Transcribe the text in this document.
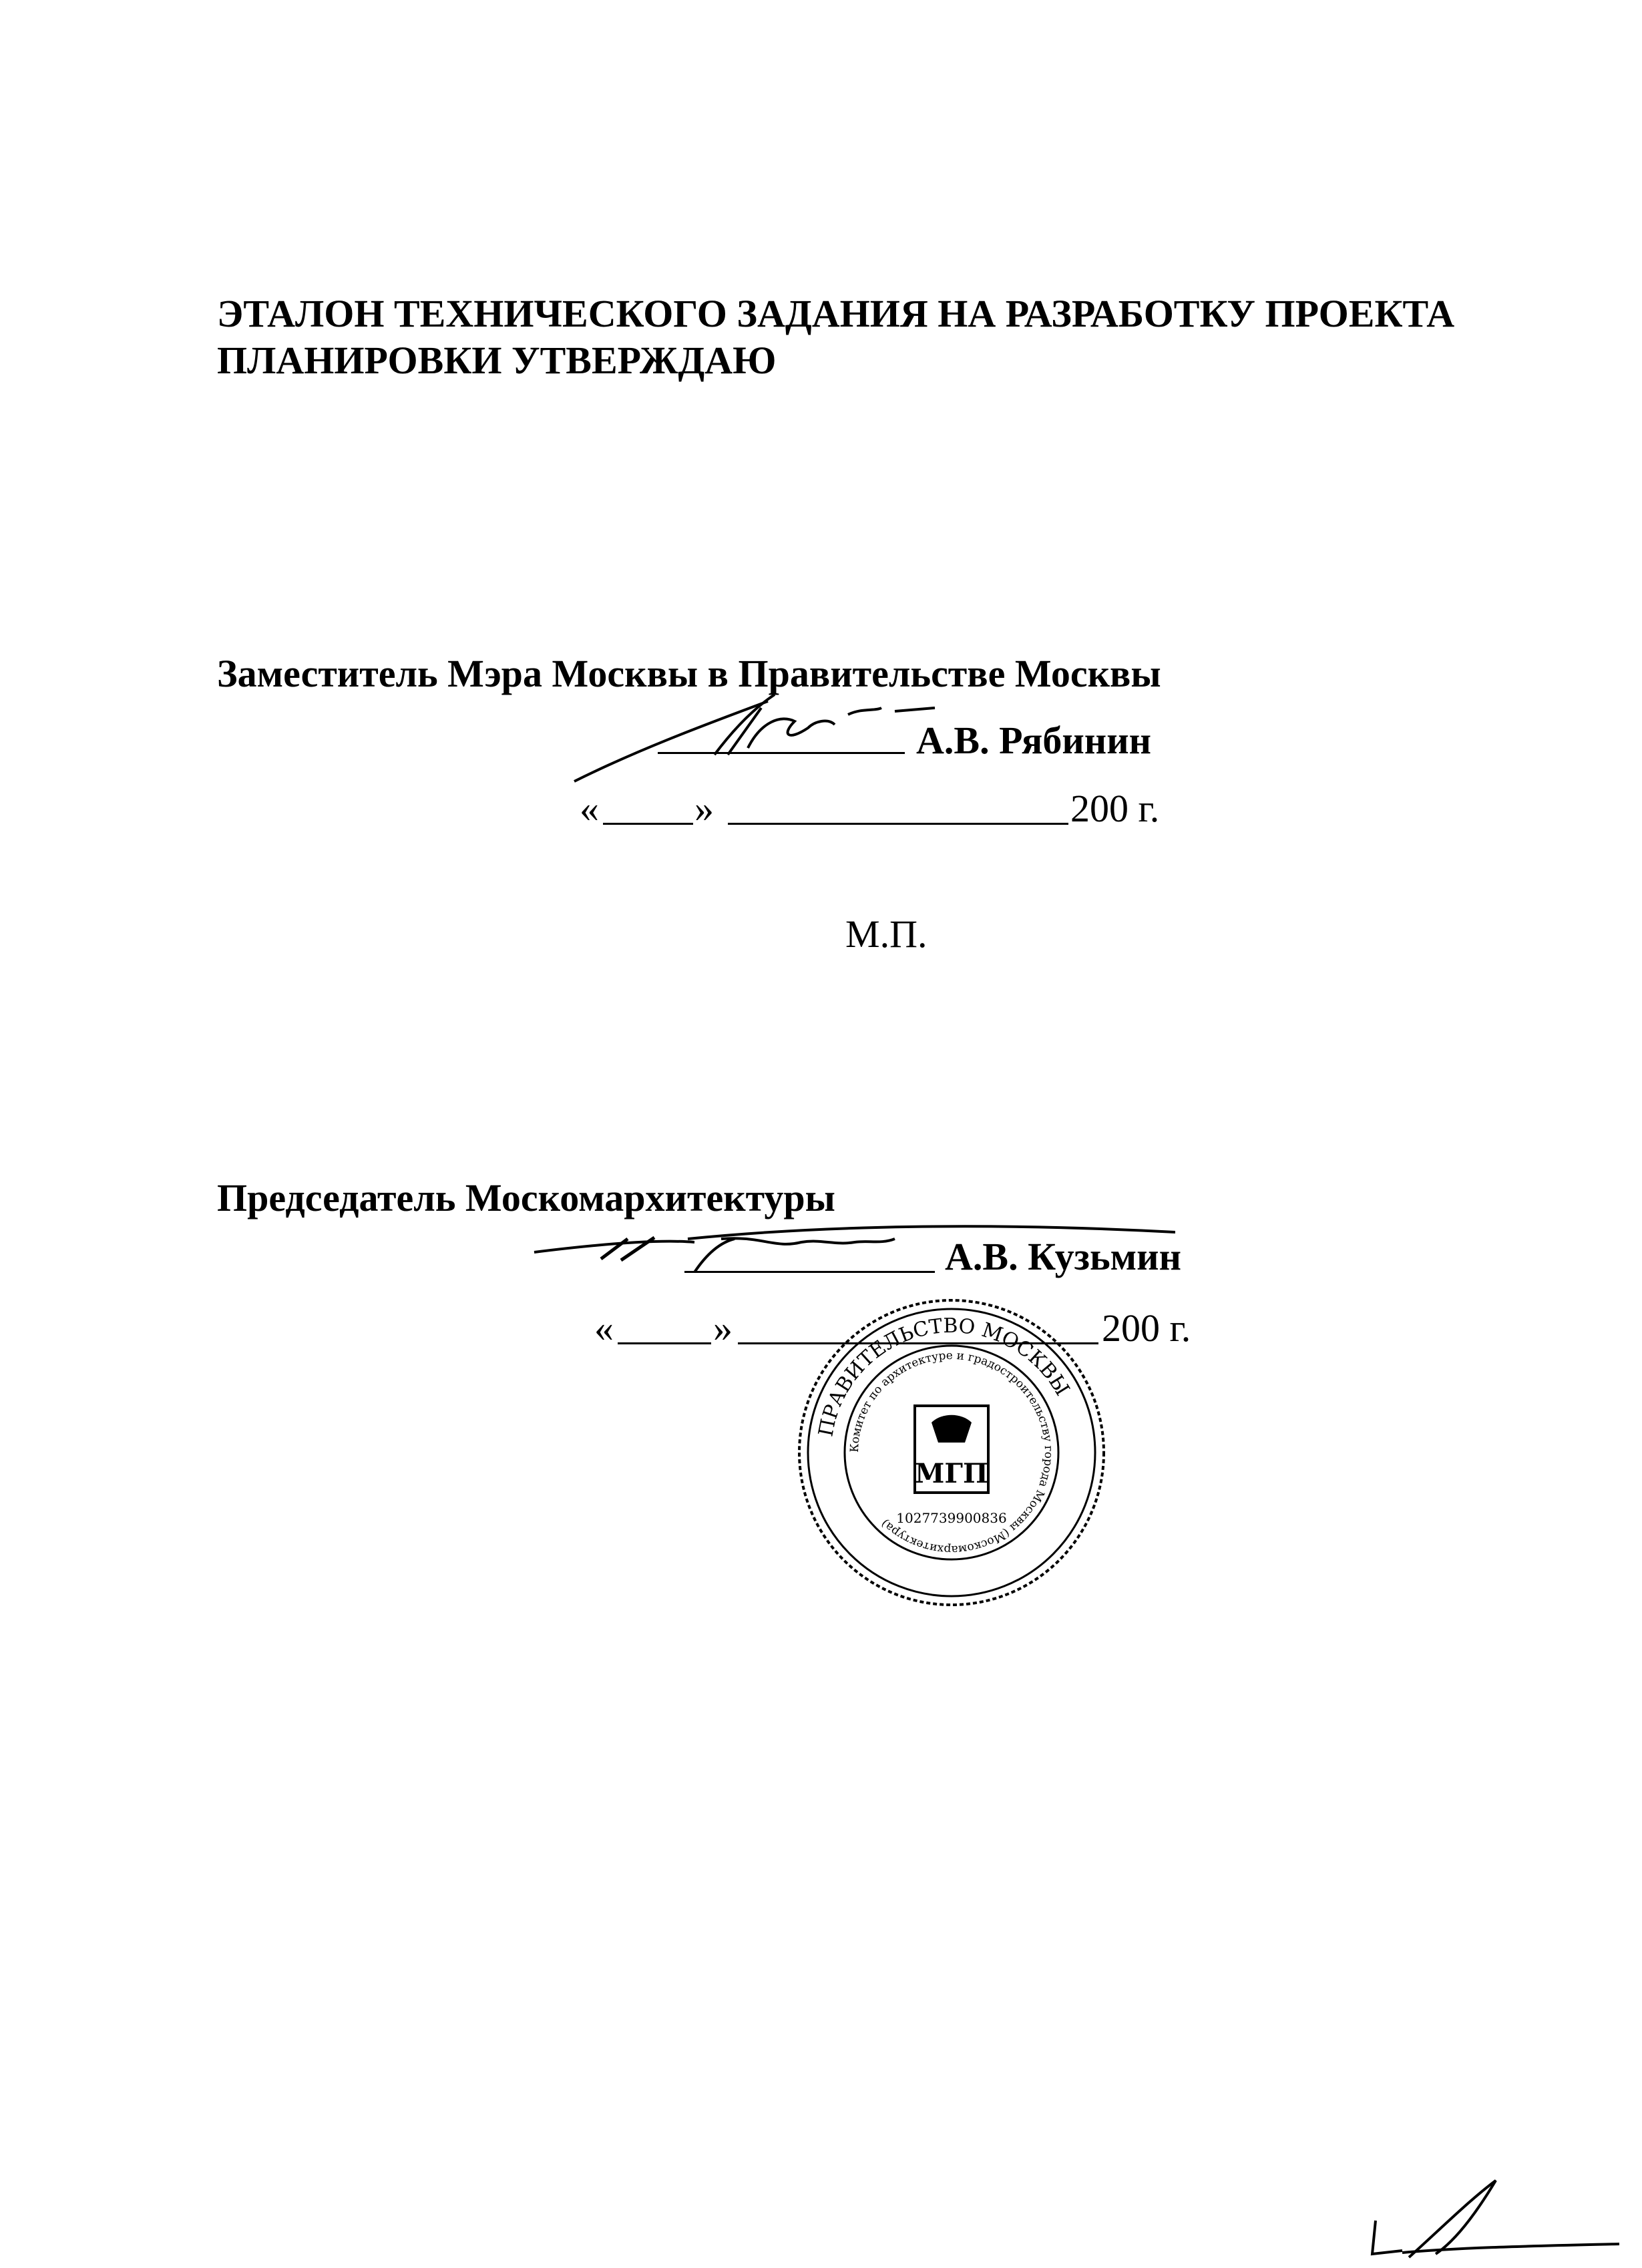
ЭТАЛОН ТЕХНИЧЕСКОГО ЗАДАНИЯ НА РАЗРАБОТКУ ПРОЕКТА
ПЛАНИРОВКИ УТВЕРЖДАЮ
Заместитель Мэра Москвы в Правительстве Москвы
А.В. Рябинин
« »	200 г.
М.П.
Председатель Москомархитектуры
А.В. Кузьмин
«	»	200 г.
ПРАВИТЕЛЬСТВО МОСКВЫ
Комитет по архитектуре и градостроительству города Москвы (Москомархитектура)
МГП
1027739900836
